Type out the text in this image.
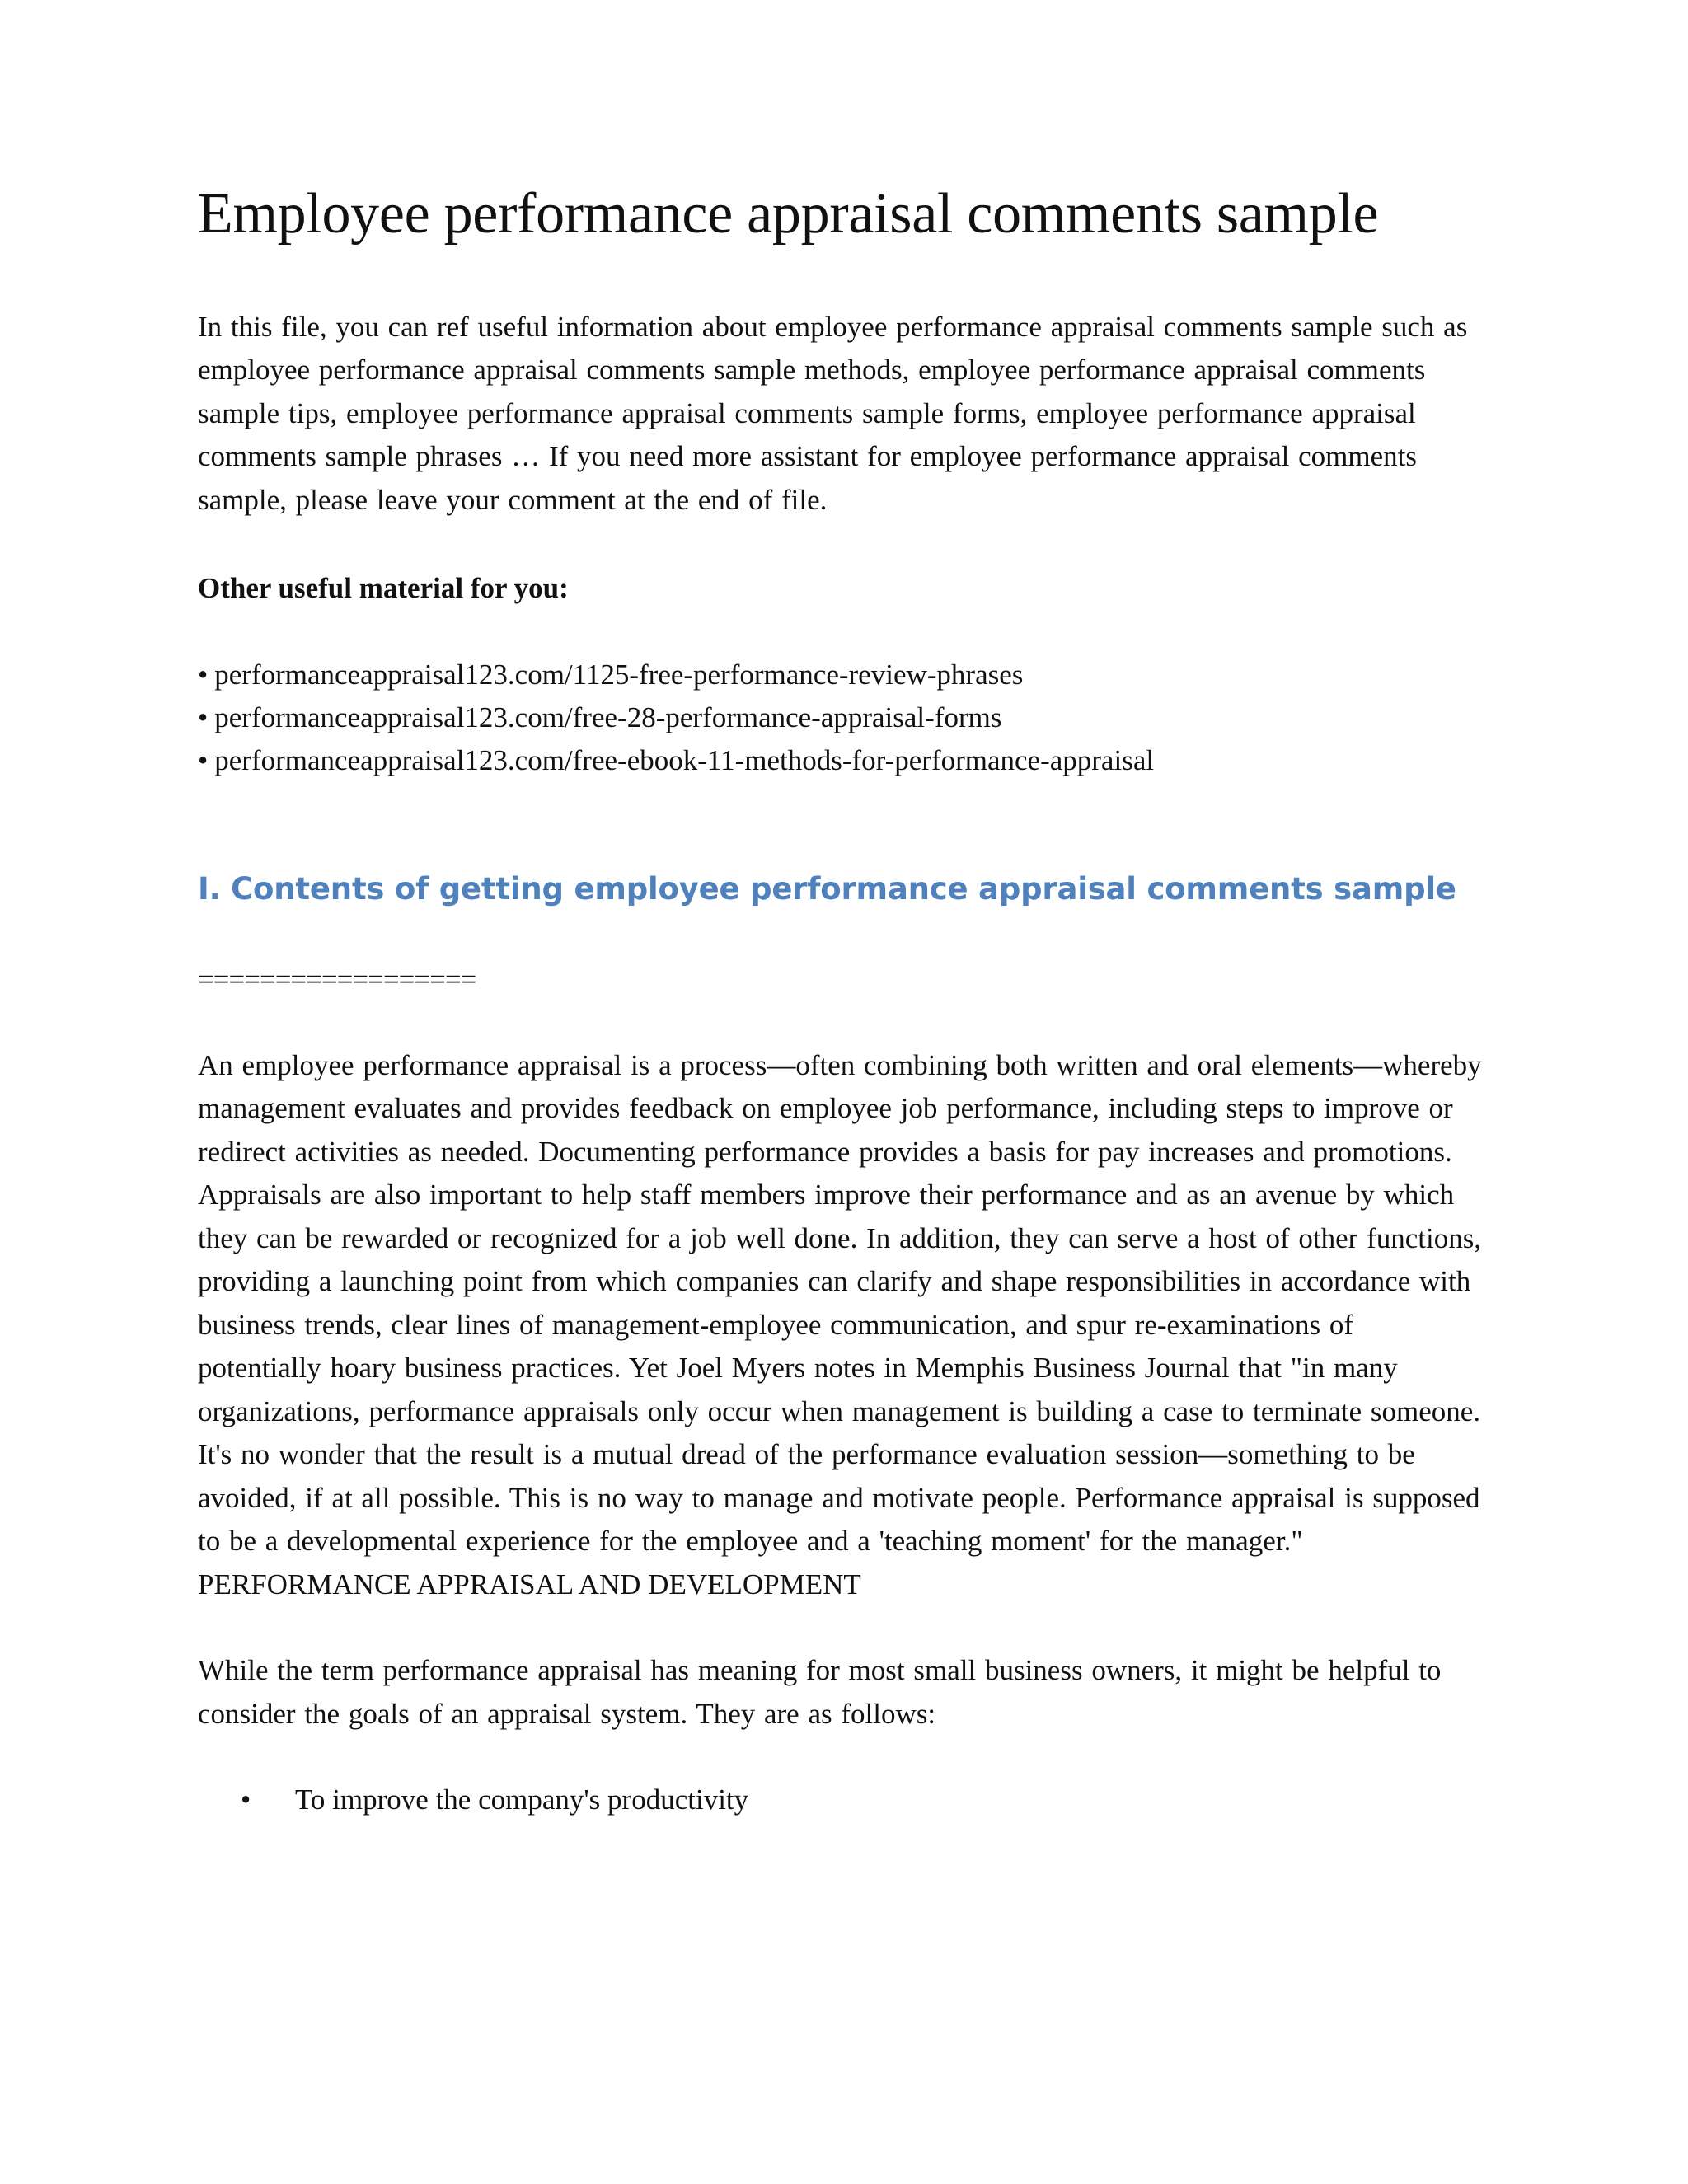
Employee performance appraisal comments sample

In this file, you can ref useful information about employee performance appraisal comments sample such as employee performance appraisal comments sample methods, employee performance appraisal comments sample tips, employee performance appraisal comments sample forms, employee performance appraisal comments sample phrases … If you need more assistant for employee performance appraisal comments sample, please leave your comment at the end of file.

Other useful material for you:

• performanceappraisal123.com/1125-free-performance-review-phrases
• performanceappraisal123.com/free-28-performance-appraisal-forms
• performanceappraisal123.com/free-ebook-11-methods-for-performance-appraisal
I. Contents of getting employee performance appraisal comments sample

==================

An employee performance appraisal is a process—often combining both written and oral elements—whereby management evaluates and provides feedback on employee job performance, including steps to improve or redirect activities as needed. Documenting performance provides a basis for pay increases and promotions. Appraisals are also important to help staff members improve their performance and as an avenue by which they can be rewarded or recognized for a job well done. In addition, they can serve a host of other functions, providing a launching point from which companies can clarify and shape responsibilities in accordance with business trends, clear lines of management-employee communication, and spur re-examinations of potentially hoary business practices. Yet Joel Myers notes in Memphis Business Journal that "in many organizations, performance appraisals only occur when management is building a case to terminate someone. It's no wonder that the result is a mutual dread of the performance evaluation session—something to be avoided, if at all possible. This is no way to manage and motivate people. Performance appraisal is supposed to be a developmental experience for the employee and a 'teaching moment' for the manager."

PERFORMANCE APPRAISAL AND DEVELOPMENT

While the term performance appraisal has meaning for most small business owners, it might be helpful to consider the goals of an appraisal system. They are as follows:

• To improve the company's productivity
